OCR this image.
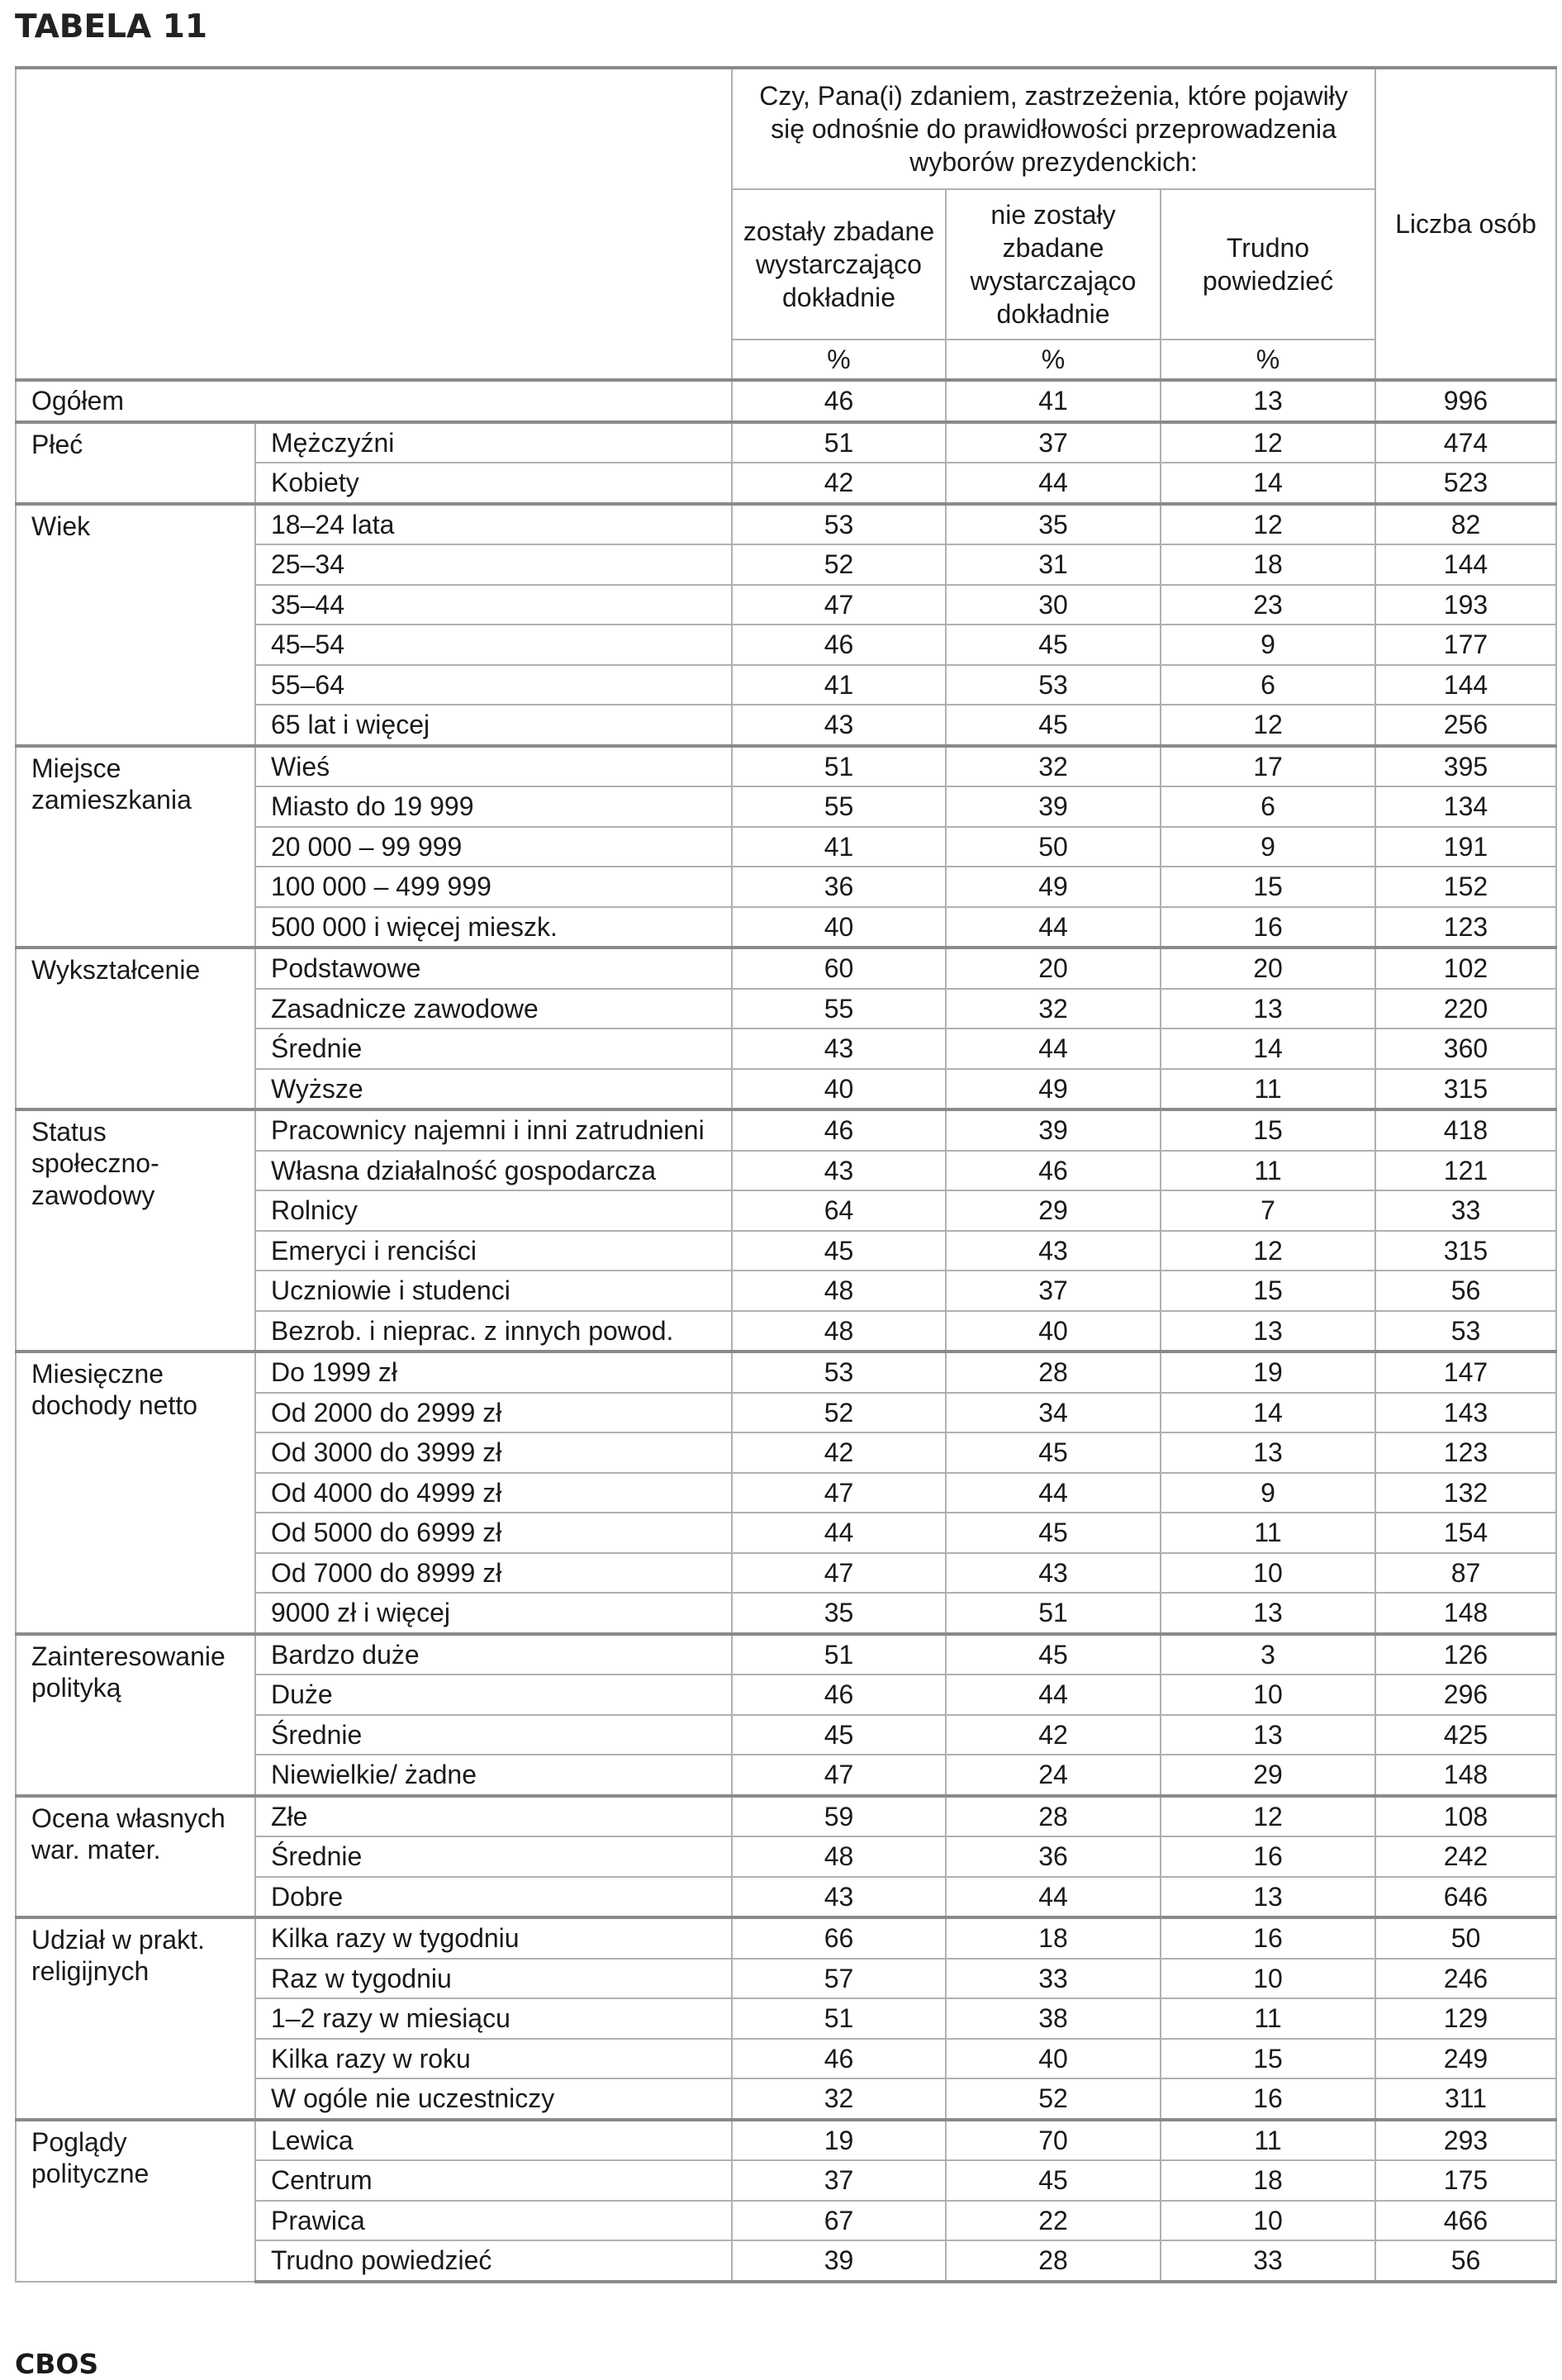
TABELA 11
		Czy, Pana(i) zdaniem, zastrzeżenia, które pojawiły się odnośnie do prawidłowości przeprowadzenia wyborów prezydenckich:			Liczba osób
		zostały zbadane wystarczająco dokładnie	nie zostały zbadane wystarczająco dokładnie	Trudno powiedzieć	
		%	%	%	
Ogółem		46	41	13	996
Płeć	Mężczyźni	51	37	12	474
	Kobiety	42	44	14	523
Wiek	18–24 lata	53	35	12	82
	25–34	52	31	18	144
	35–44	47	30	23	193
	45–54	46	45	9	177
	55–64	41	53	6	144
	65 lat i więcej	43	45	12	256
Miejsce zamieszkania	Wieś	51	32	17	395
	Miasto do 19 999	55	39	6	134
	20 000 – 99 999	41	50	9	191
	100 000 – 499 999	36	49	15	152
	500 000 i więcej mieszk.	40	44	16	123
Wykształcenie	Podstawowe	60	20	20	102
	Zasadnicze zawodowe	55	32	13	220
	Średnie	43	44	14	360
	Wyższe	40	49	11	315
Status społeczno-zawodowy	Pracownicy najemni i inni zatrudnieni	46	39	15	418
	Własna działalność gospodarcza	43	46	11	121
	Rolnicy	64	29	7	33
	Emeryci i renciści	45	43	12	315
	Uczniowie i studenci	48	37	15	56
	Bezrob. i nieprac. z innych powod.	48	40	13	53
Miesięczne dochody netto	Do 1999 zł	53	28	19	147
	Od 2000 do 2999 zł	52	34	14	143
	Od 3000 do 3999 zł	42	45	13	123
	Od 4000 do 4999 zł	47	44	9	132
	Od 5000 do 6999 zł	44	45	11	154
	Od 7000 do 8999 zł	47	43	10	87
	9000 zł i więcej	35	51	13	148
Zainteresowanie polityką	Bardzo duże	51	45	3	126
	Duże	46	44	10	296
	Średnie	45	42	13	425
	Niewielkie/ żadne	47	24	29	148
Ocena własnych war. mater.	Złe	59	28	12	108
	Średnie	48	36	16	242
	Dobre	43	44	13	646
Udział w prakt. religijnych	Kilka razy w tygodniu	66	18	16	50
	Raz w tygodniu	57	33	10	246
	1–2 razy w miesiącu	51	38	11	129
	Kilka razy w roku	46	40	15	249
	W ogóle nie uczestniczy	32	52	16	311
Poglądy polityczne	Lewica	19	70	11	293
	Centrum	37	45	18	175
	Prawica	67	22	10	466
	Trudno powiedzieć	39	28	33	56
CBOS
